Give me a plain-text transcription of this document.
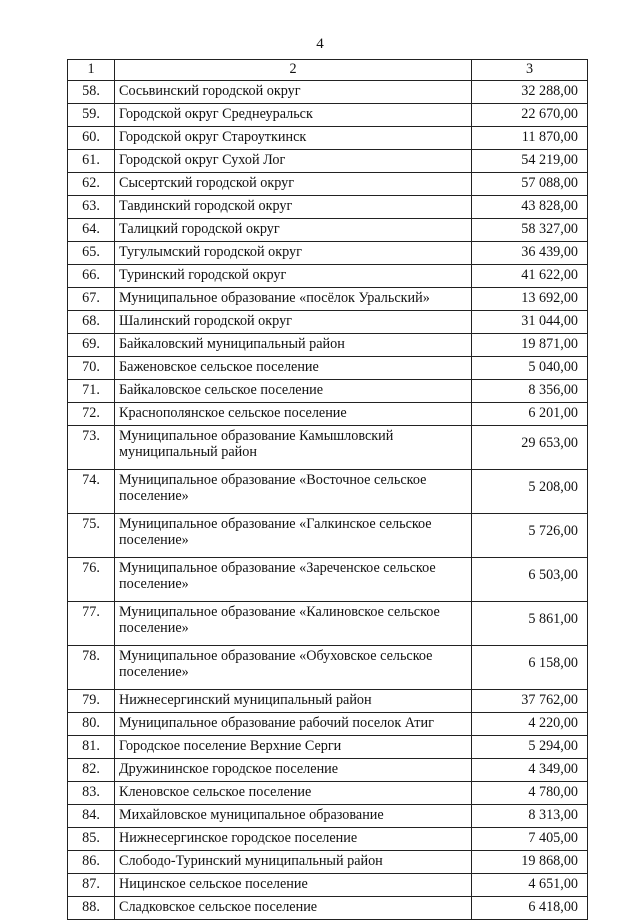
4
1	2	3
58.	Сосьвинский городской округ	32 288,00
59.	Городской округ Среднеуральск	22 670,00
60.	Городской округ Староуткинск	11 870,00
61.	Городской округ Сухой Лог	54 219,00
62.	Сысертский городской округ	57 088,00
63.	Тавдинский городской округ	43 828,00
64.	Талицкий городской округ	58 327,00
65.	Тугулымский городской округ	36 439,00
66.	Туринский городской округ	41 622,00
67.	Муниципальное образование «посёлок Уральский»	13 692,00
68.	Шалинский городской округ	31 044,00
69.	Байкаловский муниципальный район	19 871,00
70.	Баженовское сельское поселение	5 040,00
71.	Байкаловское сельское поселение	8 356,00
72.	Краснополянское сельское поселение	6 201,00
73.	Муниципальное образование Камышловский муниципальный район	29 653,00
74.	Муниципальное образование «Восточное сельское поселение»	5 208,00
75.	Муниципальное образование «Галкинское сельское поселение»	5 726,00
76.	Муниципальное образование «Зареченское сельское поселение»	6 503,00
77.	Муниципальное образование «Калиновское сельское поселение»	5 861,00
78.	Муниципальное образование «Обуховское сельское поселение»	6 158,00
79.	Нижнесергинский муниципальный район	37 762,00
80.	Муниципальное образование рабочий поселок Атиг	4 220,00
81.	Городское поселение Верхние Серги	5 294,00
82.	Дружининское городское поселение	4 349,00
83.	Кленовское сельское поселение	4 780,00
84.	Михайловское муниципальное образование	8 313,00
85.	Нижнесергинское городское поселение	7 405,00
86.	Слободо-Туринский муниципальный район	19 868,00
87.	Ницинское сельское поселение	4 651,00
88.	Сладковское сельское поселение	6 418,00
